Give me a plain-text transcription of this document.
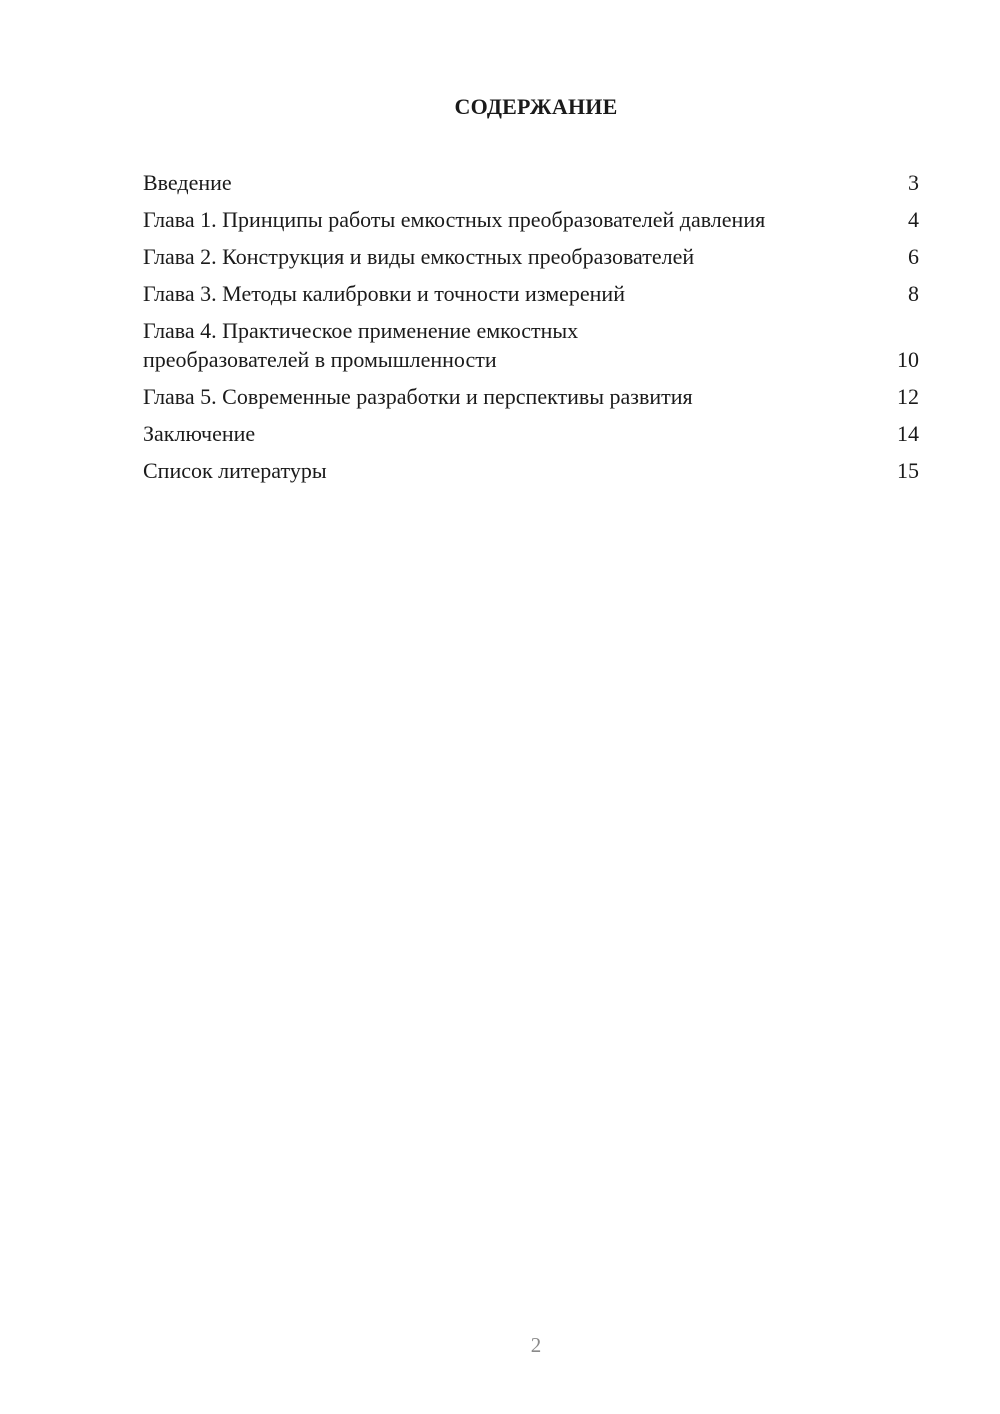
СОДЕРЖАНИЕ
Введение	3
Глава 1. Принципы работы емкостных преобразователей давления	4
Глава 2. Конструкция и виды емкостных преобразователей	6
Глава 3. Методы калибровки и точности измерений	8
Глава 4. Практическое применение емкостных преобразователей в промышленности	10
Глава 5. Современные разработки и перспективы развития	12
Заключение	14
Список литературы	15
2
